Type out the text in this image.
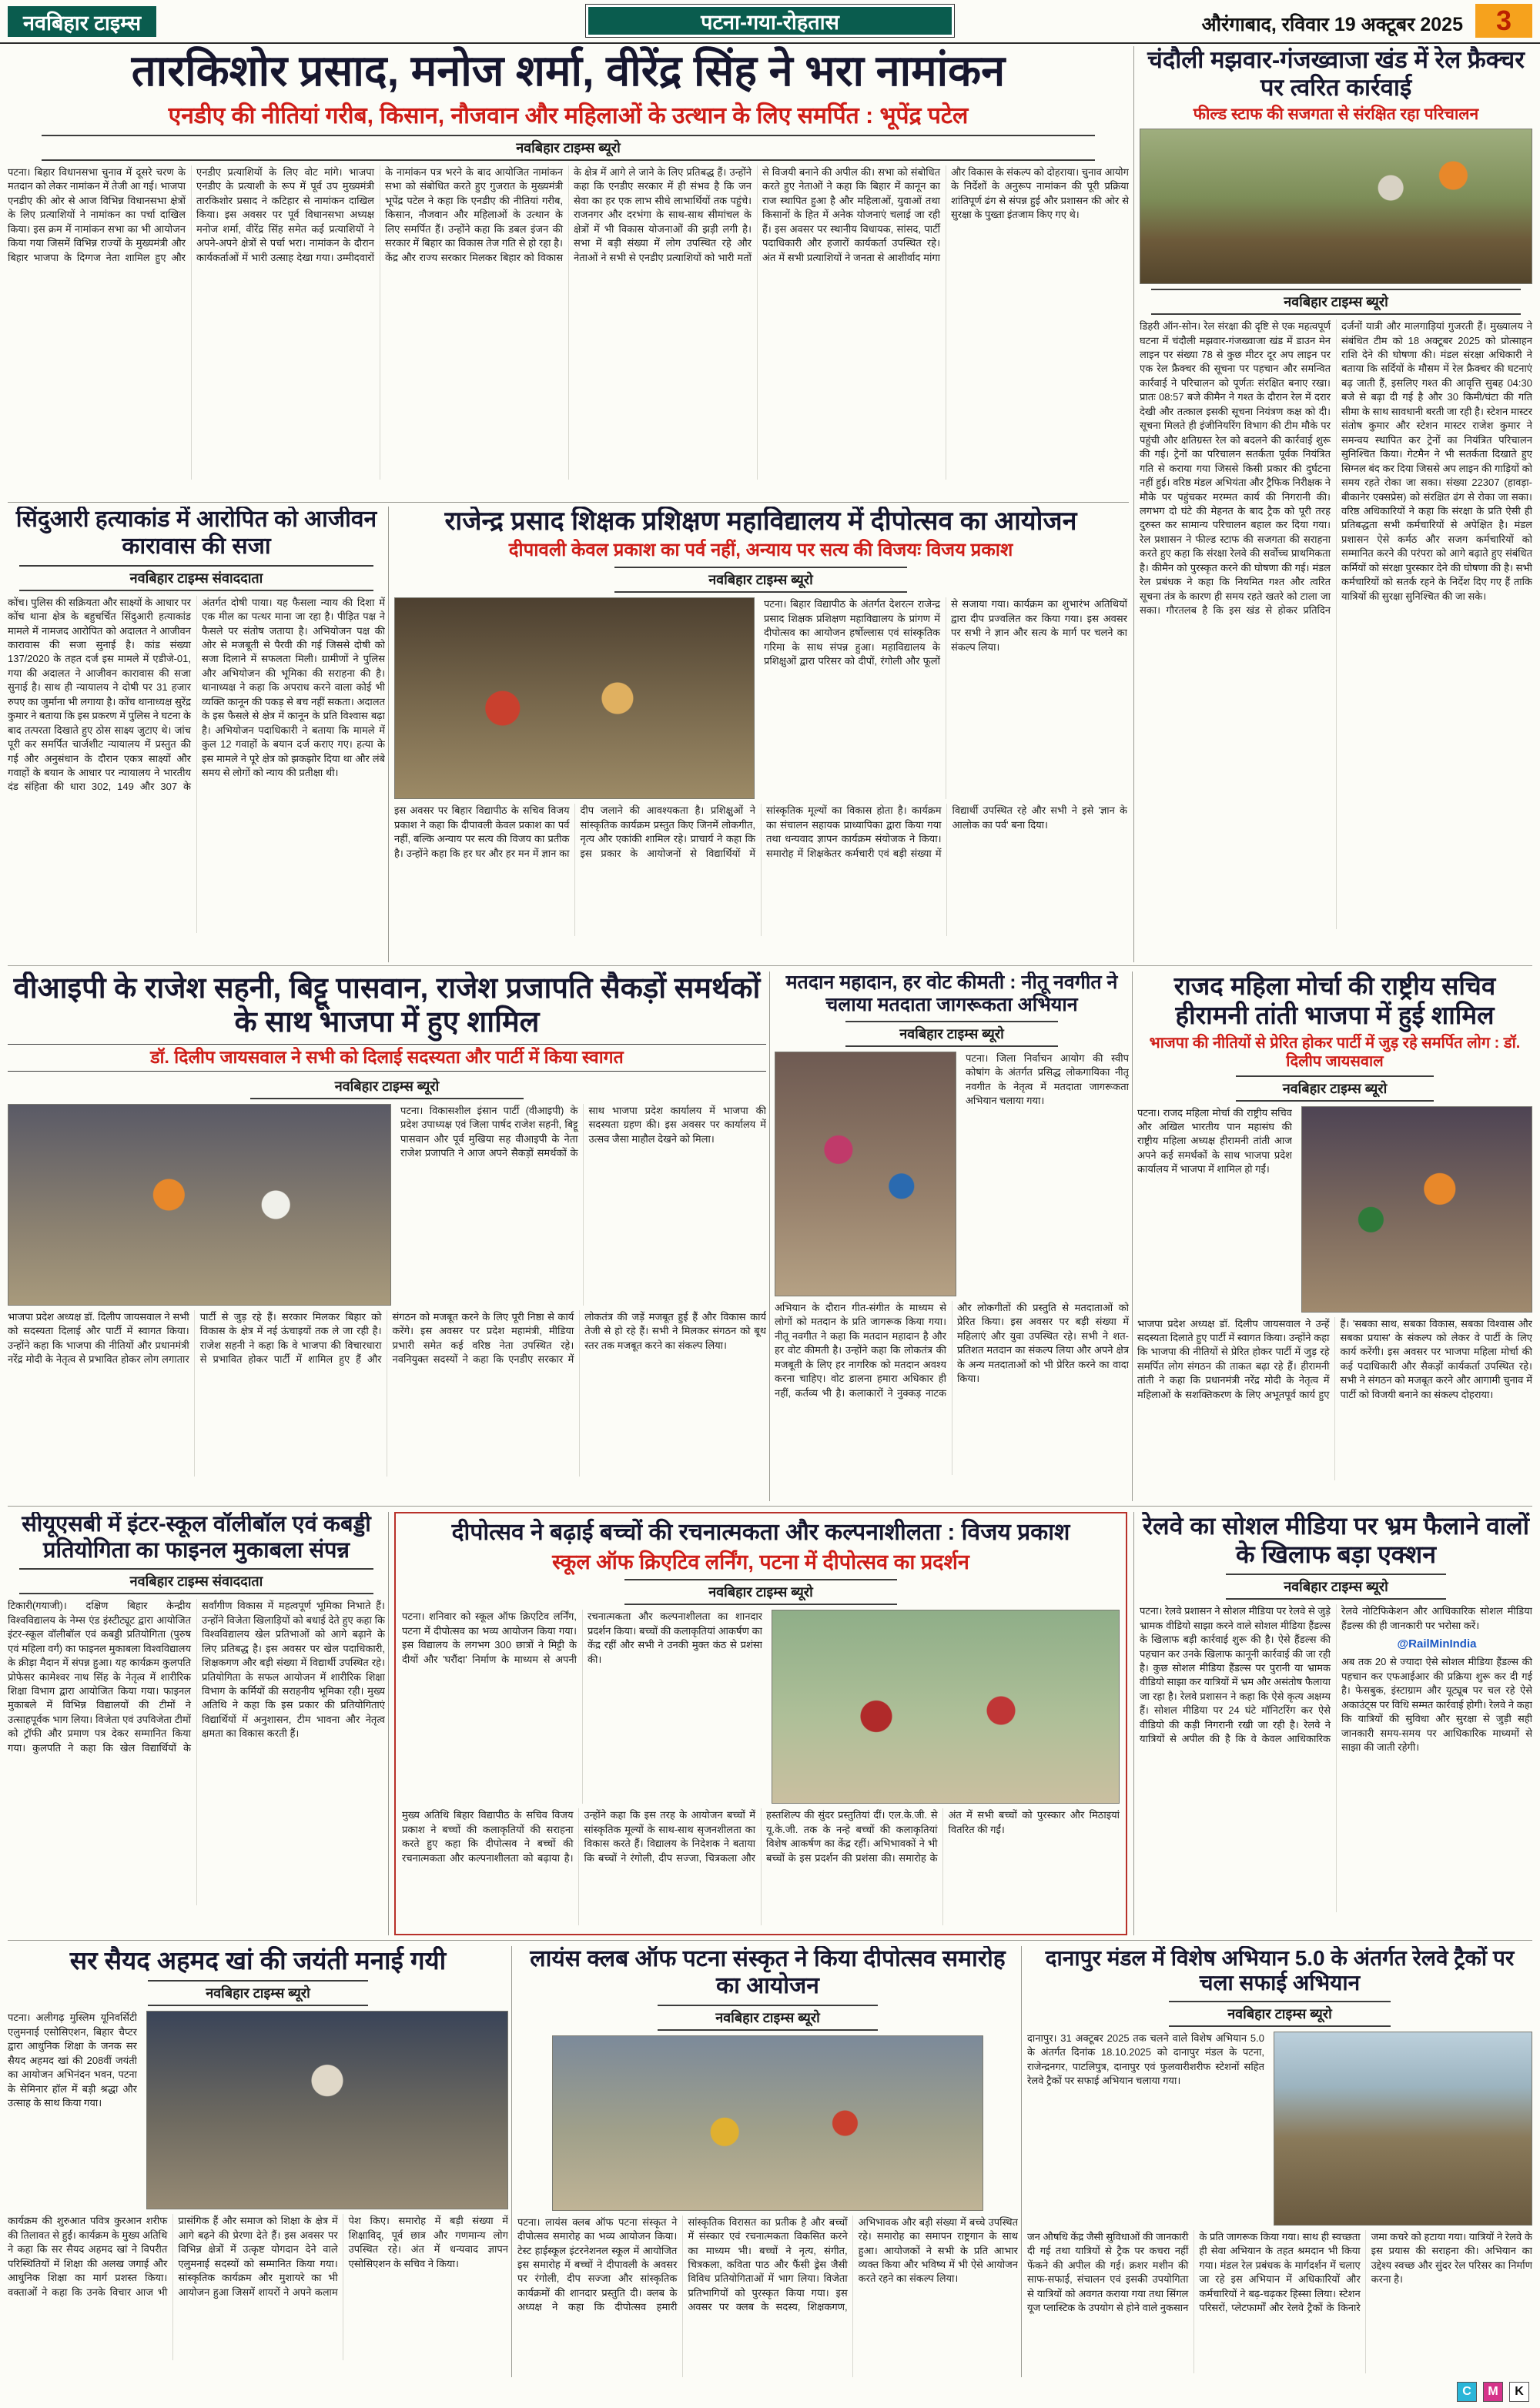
नवबिहार टाइम्स	पटना-गया-रोहतास	औरंगाबाद, रविवार 19 अक्टूबर 2025	3
तारकिशोर प्रसाद, मनोज शर्मा, वीरेंद्र सिंह ने भरा नामांकन
एनडीए की नीतियां गरीब, किसान, नौजवान और महिलाओं के उत्थान के लिए समर्पित : भूपेंद्र पटेल
नवबिहार टाइम्स ब्यूरो
पटना। बिहार विधानसभा चुनाव में दूसरे चरण के मतदान को लेकर नामांकन में तेजी आ गई। भाजपा एनडीए की ओर से आज विभिन्न विधानसभा क्षेत्रों के लिए प्रत्याशियों ने नामांकन का पर्चा दाखिल किया। इस क्रम में नामांकन सभा का भी आयोजन किया गया जिसमें विभिन्न राज्यों के मुख्यमंत्री और बिहार भाजपा के दिग्गज नेता शामिल हुए और एनडीए प्रत्याशियों के लिए वोट मांगे। भाजपा एनडीए के प्रत्याशी के रूप में पूर्व उप मुख्यमंत्री तारकिशोर प्रसाद ने कटिहार से नामांकन दाखिल किया। इस अवसर पर पूर्व विधानसभा अध्यक्ष मनोज शर्मा, वीरेंद्र सिंह समेत कई प्रत्याशियों ने अपने-अपने क्षेत्रों से पर्चा भरा। नामांकन के दौरान कार्यकर्ताओं में भारी उत्साह देखा गया। उम्मीदवारों के नामांकन पत्र भरने के बाद आयोजित नामांकन सभा को संबोधित करते हुए गुजरात के मुख्यमंत्री भूपेंद्र पटेल ने कहा कि एनडीए की नीतियां गरीब, किसान, नौजवान और महिलाओं के उत्थान के लिए समर्पित हैं। उन्होंने कहा कि डबल इंजन की सरकार में बिहार का विकास तेज गति से हो रहा है। केंद्र और राज्य सरकार मिलकर बिहार को विकास के क्षेत्र में आगे ले जाने के लिए प्रतिबद्ध हैं। उन्होंने कहा कि एनडीए सरकार में ही संभव है कि जन सेवा का हर एक लाभ सीधे लाभार्थियों तक पहुंचे। राजनगर और दरभंगा के साथ-साथ सीमांचल के क्षेत्रों में भी विकास योजनाओं की झड़ी लगी है। सभा में बड़ी संख्या में लोग उपस्थित रहे और नेताओं ने सभी से एनडीए प्रत्याशियों को भारी मतों से विजयी बनाने की अपील की। सभा को संबोधित करते हुए नेताओं ने कहा कि बिहार में कानून का राज स्थापित हुआ है और महिलाओं, युवाओं तथा किसानों के हित में अनेक योजनाएं चलाई जा रही हैं। इस अवसर पर स्थानीय विधायक, सांसद, पार्टी पदाधिकारी और हजारों कार्यकर्ता उपस्थित रहे। अंत में सभी प्रत्याशियों ने जनता से आशीर्वाद मांगा और विकास के संकल्प को दोहराया। चुनाव आयोग के निर्देशों के अनुरूप नामांकन की पूरी प्रक्रिया शांतिपूर्ण ढंग से संपन्न हुई और प्रशासन की ओर से सुरक्षा के पुख्ता इंतजाम किए गए थे।
चंदौली मझवार-गंजख्वाजा खंड में रेल फ्रैक्चर पर त्वरित कार्रवाई
फील्ड स्टाफ की सजगता से संरक्षित रहा परिचालन
नवबिहार टाइम्स ब्यूरो
डिहरी ऑन-सोन। रेल संरक्षा की दृष्टि से एक महत्वपूर्ण घटना में चंदौली मझवार-गंजख्वाजा खंड में डाउन मेन लाइन पर संख्या 78 से कुछ मीटर दूर अप लाइन पर एक रेल फ्रैक्चर की सूचना पर पहचान और समन्वित कार्रवाई ने परिचालन को पूर्णतः संरक्षित बनाए रखा। प्रातः 08:57 बजे कीमैन ने गश्त के दौरान रेल में दरार देखी और तत्काल इसकी सूचना नियंत्रण कक्ष को दी। सूचना मिलते ही इंजीनियरिंग विभाग की टीम मौके पर पहुंची और क्षतिग्रस्त रेल को बदलने की कार्रवाई शुरू की गई। ट्रेनों का परिचालन सतर्कता पूर्वक नियंत्रित गति से कराया गया जिससे किसी प्रकार की दुर्घटना नहीं हुई। वरिष्ठ मंडल अभियंता और ट्रैफिक निरीक्षक ने मौके पर पहुंचकर मरम्मत कार्य की निगरानी की। लगभग दो घंटे की मेहनत के बाद ट्रैक को पूरी तरह दुरुस्त कर सामान्य परिचालन बहाल कर दिया गया। रेल प्रशासन ने फील्ड स्टाफ की सजगता की सराहना करते हुए कहा कि संरक्षा रेलवे की सर्वोच्च प्राथमिकता है। कीमैन को पुरस्कृत करने की घोषणा की गई। मंडल रेल प्रबंधक ने कहा कि नियमित गश्त और त्वरित सूचना तंत्र के कारण ही समय रहते खतरे को टाला जा सका। गौरतलब है कि इस खंड से होकर प्रतिदिन दर्जनों यात्री और मालगाड़ियां गुजरती हैं। मुख्यालय ने संबंधित टीम को 18 अक्टूबर 2025 को प्रोत्साहन राशि देने की घोषणा की। मंडल संरक्षा अधिकारी ने बताया कि सर्दियों के मौसम में रेल फ्रैक्चर की घटनाएं बढ़ जाती हैं, इसलिए गश्त की आवृत्ति सुबह 04:30 बजे से बढ़ा दी गई है और 30 किमी/घंटा की गति सीमा के साथ सावधानी बरती जा रही है। स्टेशन मास्टर संतोष कुमार और स्टेशन मास्टर राजेश कुमार ने समन्वय स्थापित कर ट्रेनों का नियंत्रित परिचालन सुनिश्चित किया। गेटमैन ने भी सतर्कता दिखाते हुए सिग्नल बंद कर दिया जिससे अप लाइन की गाड़ियों को समय रहते रोका जा सका। संख्या 22307 (हावड़ा-बीकानेर एक्सप्रेस) को संरक्षित ढंग से रोका जा सका। वरिष्ठ अधिकारियों ने कहा कि संरक्षा के प्रति ऐसी ही प्रतिबद्धता सभी कर्मचारियों से अपेक्षित है। मंडल प्रशासन ऐसे कर्मठ और सजग कर्मचारियों को सम्मानित करने की परंपरा को आगे बढ़ाते हुए संबंधित कर्मियों को संरक्षा पुरस्कार देने की घोषणा की है। सभी कर्मचारियों को सतर्क रहने के निर्देश दिए गए हैं ताकि यात्रियों की सुरक्षा सुनिश्चित की जा सके।
सिंदुआरी हत्याकांड में आरोपित को आजीवन कारावास की सजा
नवबिहार टाइम्स संवाददाता
कोंच। पुलिस की सक्रियता और साक्ष्यों के आधार पर कोंच थाना क्षेत्र के बहुचर्चित सिंदुआरी हत्याकांड मामले में नामजद आरोपित को अदालत ने आजीवन कारावास की सजा सुनाई है। कांड संख्या 137/2020 के तहत दर्ज इस मामले में एडीजे-01, गया की अदालत ने आजीवन कारावास की सजा सुनाई है। साथ ही न्यायालय ने दोषी पर 31 हजार रुपए का जुर्माना भी लगाया है। कोंच थानाध्यक्ष सुरेंद्र कुमार ने बताया कि इस प्रकरण में पुलिस ने घटना के बाद तत्परता दिखाते हुए ठोस साक्ष्य जुटाए थे। जांच पूरी कर समर्पित चार्जशीट न्यायालय में प्रस्तुत की गई और अनुसंधान के दौरान एकत्र साक्ष्यों और गवाहों के बयान के आधार पर न्यायालय ने भारतीय दंड संहिता की धारा 302, 149 और 307 के अंतर्गत दोषी पाया। यह फैसला न्याय की दिशा में एक मील का पत्थर माना जा रहा है। पीड़ित पक्ष ने फैसले पर संतोष जताया है। अभियोजन पक्ष की ओर से मजबूती से पैरवी की गई जिससे दोषी को सजा दिलाने में सफलता मिली। ग्रामीणों ने पुलिस और अभियोजन की भूमिका की सराहना की है। थानाध्यक्ष ने कहा कि अपराध करने वाला कोई भी व्यक्ति कानून की पकड़ से बच नहीं सकता। अदालत के इस फैसले से क्षेत्र में कानून के प्रति विश्वास बढ़ा है। अभियोजन पदाधिकारी ने बताया कि मामले में कुल 12 गवाहों के बयान दर्ज कराए गए। हत्या के इस मामले ने पूरे क्षेत्र को झकझोर दिया था और लंबे समय से लोगों को न्याय की प्रतीक्षा थी।
राजेन्द्र प्रसाद शिक्षक प्रशिक्षण महाविद्यालय में दीपोत्सव का आयोजन
दीपावली केवल प्रकाश का पर्व नहीं, अन्याय पर सत्य की विजयः विजय प्रकाश
नवबिहार टाइम्स ब्यूरो
पटना। बिहार विद्यापीठ के अंतर्गत देशरत्न राजेन्द्र प्रसाद शिक्षक प्रशिक्षण महाविद्यालय के प्रांगण में दीपोत्सव का आयोजन हर्षोल्लास एवं सांस्कृतिक गरिमा के साथ संपन्न हुआ। महाविद्यालय के प्रशिक्षुओं द्वारा परिसर को दीपों, रंगोली और फूलों से सजाया गया। कार्यक्रम का शुभारंभ अतिथियों द्वारा दीप प्रज्वलित कर किया गया। इस अवसर पर सभी ने ज्ञान और सत्य के मार्ग पर चलने का संकल्प लिया।
इस अवसर पर बिहार विद्यापीठ के सचिव विजय प्रकाश ने कहा कि दीपावली केवल प्रकाश का पर्व नहीं, बल्कि अन्याय पर सत्य की विजय का प्रतीक है। उन्होंने कहा कि हर घर और हर मन में ज्ञान का दीप जलाने की आवश्यकता है। प्रशिक्षुओं ने सांस्कृतिक कार्यक्रम प्रस्तुत किए जिनमें लोकगीत, नृत्य और एकांकी शामिल रहे। प्राचार्य ने कहा कि इस प्रकार के आयोजनों से विद्यार्थियों में सांस्कृतिक मूल्यों का विकास होता है। कार्यक्रम का संचालन सहायक प्राध्यापिका द्वारा किया गया तथा धन्यवाद ज्ञापन कार्यक्रम संयोजक ने किया। समारोह में शिक्षकेतर कर्मचारी एवं बड़ी संख्या में विद्यार्थी उपस्थित रहे और सभी ने इसे 'ज्ञान के आलोक का पर्व' बना दिया।
वीआइपी के राजेश सहनी, बिट्टू पासवान, राजेश प्रजापति सैकड़ों समर्थकों के साथ भाजपा में हुए शामिल
डॉ. दिलीप जायसवाल ने सभी को दिलाई सदस्यता और पार्टी में किया स्वागत
नवबिहार टाइम्स ब्यूरो
पटना। विकासशील इंसान पार्टी (वीआइपी) के प्रदेश उपाध्यक्ष एवं जिला पार्षद राजेश सहनी, बिट्टू पासवान और पूर्व मुखिया सह वीआइपी के नेता राजेश प्रजापति ने आज अपने सैकड़ों समर्थकों के साथ भाजपा प्रदेश कार्यालय में भाजपा की सदस्यता ग्रहण की। इस अवसर पर कार्यालय में उत्सव जैसा माहौल देखने को मिला।
भाजपा प्रदेश अध्यक्ष डॉ. दिलीप जायसवाल ने सभी को सदस्यता दिलाई और पार्टी में स्वागत किया। उन्होंने कहा कि भाजपा की नीतियों और प्रधानमंत्री नरेंद्र मोदी के नेतृत्व से प्रभावित होकर लोग लगातार पार्टी से जुड़ रहे हैं। सरकार मिलकर बिहार को विकास के क्षेत्र में नई ऊंचाइयों तक ले जा रही है। राजेश सहनी ने कहा कि वे भाजपा की विचारधारा से प्रभावित होकर पार्टी में शामिल हुए हैं और संगठन को मजबूत करने के लिए पूरी निष्ठा से कार्य करेंगे। इस अवसर पर प्रदेश महामंत्री, मीडिया प्रभारी समेत कई वरिष्ठ नेता उपस्थित रहे। नवनियुक्त सदस्यों ने कहा कि एनडीए सरकार में लोकतंत्र की जड़ें मजबूत हुई हैं और विकास कार्य तेजी से हो रहे हैं। सभी ने मिलकर संगठन को बूथ स्तर तक मजबूत करने का संकल्प लिया।
मतदान महादान, हर वोट कीमती : नीतू नवगीत ने चलाया मतदाता जागरूकता अभियान
नवबिहार टाइम्स ब्यूरो
पटना। जिला निर्वाचन आयोग की स्वीप कोषांग के अंतर्गत प्रसिद्ध लोकगायिका नीतू नवगीत के नेतृत्व में मतदाता जागरूकता अभियान चलाया गया।
अभियान के दौरान गीत-संगीत के माध्यम से लोगों को मतदान के प्रति जागरूक किया गया। नीतू नवगीत ने कहा कि मतदान महादान है और हर वोट कीमती है। उन्होंने कहा कि लोकतंत्र की मजबूती के लिए हर नागरिक को मतदान अवश्य करना चाहिए। वोट डालना हमारा अधिकार ही नहीं, कर्तव्य भी है। कलाकारों ने नुक्कड़ नाटक और लोकगीतों की प्रस्तुति से मतदाताओं को प्रेरित किया। इस अवसर पर बड़ी संख्या में महिलाएं और युवा उपस्थित रहे। सभी ने शत-प्रतिशत मतदान का संकल्प लिया और अपने क्षेत्र के अन्य मतदाताओं को भी प्रेरित करने का वादा किया।
राजद महिला मोर्चा की राष्ट्रीय सचिव हीरामनी तांती भाजपा में हुई शामिल
भाजपा की नीतियों से प्रेरित होकर पार्टी में जुड़ रहे समर्पित लोग : डॉ. दिलीप जायसवाल
नवबिहार टाइम्स ब्यूरो
पटना। राजद महिला मोर्चा की राष्ट्रीय सचिव और अखिल भारतीय पान महासंघ की राष्ट्रीय महिला अध्यक्ष हीरामनी तांती आज अपने कई समर्थकों के साथ भाजपा प्रदेश कार्यालय में भाजपा में शामिल हो गईं।
भाजपा प्रदेश अध्यक्ष डॉ. दिलीप जायसवाल ने उन्हें सदस्यता दिलाते हुए पार्टी में स्वागत किया। उन्होंने कहा कि भाजपा की नीतियों से प्रेरित होकर पार्टी में जुड़ रहे समर्पित लोग संगठन की ताकत बढ़ा रहे हैं। हीरामनी तांती ने कहा कि प्रधानमंत्री नरेंद्र मोदी के नेतृत्व में महिलाओं के सशक्तिकरण के लिए अभूतपूर्व कार्य हुए हैं। 'सबका साथ, सबका विकास, सबका विश्वास और सबका प्रयास' के संकल्प को लेकर वे पार्टी के लिए कार्य करेंगी। इस अवसर पर भाजपा महिला मोर्चा की कई पदाधिकारी और सैकड़ों कार्यकर्ता उपस्थित रहे। सभी ने संगठन को मजबूत करने और आगामी चुनाव में पार्टी को विजयी बनाने का संकल्प दोहराया।
सीयूएसबी में इंटर-स्कूल वॉलीबॉल एवं कबड्डी प्रतियोगिता का फाइनल मुकाबला संपन्न
नवबिहार टाइम्स संवाददाता
टिकारी(गयाजी)। दक्षिण बिहार केन्द्रीय विश्वविद्यालय के नेम्स एंड इंस्टीट्यूट द्वारा आयोजित इंटर-स्कूल वॉलीबॉल एवं कबड्डी प्रतियोगिता (पुरुष एवं महिला वर्ग) का फाइनल मुकाबला विश्वविद्यालय के क्रीड़ा मैदान में संपन्न हुआ। यह कार्यक्रम कुलपति प्रोफेसर कामेश्वर नाथ सिंह के नेतृत्व में शारीरिक शिक्षा विभाग द्वारा आयोजित किया गया। फाइनल मुकाबले में विभिन्न विद्यालयों की टीमों ने उत्साहपूर्वक भाग लिया। विजेता एवं उपविजेता टीमों को ट्रॉफी और प्रमाण पत्र देकर सम्मानित किया गया। कुलपति ने कहा कि खेल विद्यार्थियों के सर्वांगीण विकास में महत्वपूर्ण भूमिका निभाते हैं। उन्होंने विजेता खिलाड़ियों को बधाई देते हुए कहा कि विश्वविद्यालय खेल प्रतिभाओं को आगे बढ़ाने के लिए प्रतिबद्ध है। इस अवसर पर खेल पदाधिकारी, शिक्षकगण और बड़ी संख्या में विद्यार्थी उपस्थित रहे। प्रतियोगिता के सफल आयोजन में शारीरिक शिक्षा विभाग के कर्मियों की सराहनीय भूमिका रही। मुख्य अतिथि ने कहा कि इस प्रकार की प्रतियोगिताएं विद्यार्थियों में अनुशासन, टीम भावना और नेतृत्व क्षमता का विकास करती हैं।
दीपोत्सव ने बढ़ाई बच्चों की रचनात्मकता और कल्पनाशीलता : विजय प्रकाश
स्कूल ऑफ क्रिएटिव लर्निंग, पटना में दीपोत्सव का प्रदर्शन
नवबिहार टाइम्स ब्यूरो
पटना। शनिवार को स्कूल ऑफ क्रिएटिव लर्निंग, पटना में दीपोत्सव का भव्य आयोजन किया गया। इस विद्यालय के लगभग 300 छात्रों ने मिट्टी के दीयों और 'घरौंदा' निर्माण के माध्यम से अपनी रचनात्मकता और कल्पनाशीलता का शानदार प्रदर्शन किया। बच्चों की कलाकृतियां आकर्षण का केंद्र रहीं और सभी ने उनकी मुक्त कंठ से प्रशंसा की।
मुख्य अतिथि बिहार विद्यापीठ के सचिव विजय प्रकाश ने बच्चों की कलाकृतियों की सराहना करते हुए कहा कि दीपोत्सव ने बच्चों की रचनात्मकता और कल्पनाशीलता को बढ़ाया है। उन्होंने कहा कि इस तरह के आयोजन बच्चों में सांस्कृतिक मूल्यों के साथ-साथ सृजनशीलता का विकास करते हैं। विद्यालय के निदेशक ने बताया कि बच्चों ने रंगोली, दीप सज्जा, चित्रकला और हस्तशिल्प की सुंदर प्रस्तुतियां दीं। एल.के.जी. से यू.के.जी. तक के नन्हे बच्चों की कलाकृतियां विशेष आकर्षण का केंद्र रहीं। अभिभावकों ने भी बच्चों के इस प्रदर्शन की प्रशंसा की। समारोह के अंत में सभी बच्चों को पुरस्कार और मिठाइयां वितरित की गईं।
रेलवे का सोशल मीडिया पर भ्रम फैलाने वालों के खिलाफ बड़ा एक्शन
नवबिहार टाइम्स ब्यूरो
पटना। रेलवे प्रशासन ने सोशल मीडिया पर रेलवे से जुड़े भ्रामक वीडियो साझा करने वाले सोशल मीडिया हैंडल्स के खिलाफ बड़ी कार्रवाई शुरू की है। ऐसे हैंडल्स की पहचान कर उनके खिलाफ कानूनी कार्रवाई की जा रही है। कुछ सोशल मीडिया हैंडल्स पर पुरानी या भ्रामक वीडियो साझा कर यात्रियों में भ्रम और असंतोष फैलाया जा रहा है। रेलवे प्रशासन ने कहा कि ऐसे कृत्य अक्षम्य हैं। सोशल मीडिया पर 24 घंटे मॉनिटरिंग कर ऐसे वीडियो की कड़ी निगरानी रखी जा रही है। रेलवे ने यात्रियों से अपील की है कि वे केवल आधिकारिक रेलवे नोटिफिकेशन और आधिकारिक सोशल मीडिया हैंडल्स की ही जानकारी पर भरोसा करें।
@RailMinIndia
अब तक 20 से ज्यादा ऐसे सोशल मीडिया हैंडल्स की पहचान कर एफआईआर की प्रक्रिया शुरू कर दी गई है। फेसबुक, इंस्टाग्राम और यूट्यूब पर चल रहे ऐसे अकाउंट्स पर विधि सम्मत कार्रवाई होगी। रेलवे ने कहा कि यात्रियों की सुविधा और सुरक्षा से जुड़ी सही जानकारी समय-समय पर आधिकारिक माध्यमों से साझा की जाती रहेगी।
सर सैयद अहमद खां की जयंती मनाई गयी
नवबिहार टाइम्स ब्यूरो
पटना। अलीगढ़ मुस्लिम यूनिवर्सिटी एलुमनाई एसोसिएशन, बिहार चैप्टर द्वारा आधुनिक शिक्षा के जनक सर सैयद अहमद खां की 208वीं जयंती का आयोजन अभिनंदन भवन, पटना के सेमिनार हॉल में बड़ी श्रद्धा और उत्साह के साथ किया गया।
कार्यक्रम की शुरुआत पवित्र कुरआन शरीफ की तिलावत से हुई। कार्यक्रम के मुख्य अतिथि ने कहा कि सर सैयद अहमद खां ने विपरीत परिस्थितियों में शिक्षा की अलख जगाई और आधुनिक शिक्षा का मार्ग प्रशस्त किया। वक्ताओं ने कहा कि उनके विचार आज भी प्रासंगिक हैं और समाज को शिक्षा के क्षेत्र में आगे बढ़ने की प्रेरणा देते हैं। इस अवसर पर विभिन्न क्षेत्रों में उत्कृष्ट योगदान देने वाले एलुमनाई सदस्यों को सम्मानित किया गया। सांस्कृतिक कार्यक्रम और मुशायरे का भी आयोजन हुआ जिसमें शायरों ने अपने कलाम पेश किए। समारोह में बड़ी संख्या में शिक्षाविद्, पूर्व छात्र और गणमान्य लोग उपस्थित रहे। अंत में धन्यवाद ज्ञापन एसोसिएशन के सचिव ने किया।
लायंस क्लब ऑफ पटना संस्कृत ने किया दीपोत्सव समारोह का आयोजन
नवबिहार टाइम्स ब्यूरो
पटना। लायंस क्लब ऑफ पटना संस्कृत ने दीपोत्सव समारोह का भव्य आयोजन किया। टेस्ट हाईस्कूल इंटरनेशनल स्कूल में आयोजित इस समारोह में बच्चों ने दीपावली के अवसर पर रंगोली, दीप सज्जा और सांस्कृतिक कार्यक्रमों की शानदार प्रस्तुति दी। क्लब के अध्यक्ष ने कहा कि दीपोत्सव हमारी सांस्कृतिक विरासत का प्रतीक है और बच्चों में संस्कार एवं रचनात्मकता विकसित करने का माध्यम भी। बच्चों ने नृत्य, संगीत, चित्रकला, कविता पाठ और फैंसी ड्रेस जैसी विविध प्रतियोगिताओं में भाग लिया। विजेता प्रतिभागियों को पुरस्कृत किया गया। इस अवसर पर क्लब के सदस्य, शिक्षकगण, अभिभावक और बड़ी संख्या में बच्चे उपस्थित रहे। समारोह का समापन राष्ट्रगान के साथ हुआ। आयोजकों ने सभी के प्रति आभार व्यक्त किया और भविष्य में भी ऐसे आयोजन करते रहने का संकल्प लिया।
दानापुर मंडल में विशेष अभियान 5.0 के अंतर्गत रेलवे ट्रैकों पर चला सफाई अभियान
नवबिहार टाइम्स ब्यूरो
दानापुर। 31 अक्टूबर 2025 तक चलने वाले विशेष अभियान 5.0 के अंतर्गत दिनांक 18.10.2025 को दानापुर मंडल के पटना, राजेन्द्रनगर, पाटलिपुत्र, दानापुर एवं फुलवारीशरीफ स्टेशनों सहित रेलवे ट्रैकों पर सफाई अभियान चलाया गया।
जन औषधि केंद्र जैसी सुविधाओं की जानकारी दी गई तथा यात्रियों से ट्रैक पर कचरा नहीं फेंकने की अपील की गई। क्रशर मशीन की साफ-सफाई, संचालन एवं इसकी उपयोगिता से यात्रियों को अवगत कराया गया तथा सिंगल यूज प्लास्टिक के उपयोग से होने वाले नुकसान के प्रति जागरूक किया गया। साथ ही स्वच्छता ही सेवा अभियान के तहत श्रमदान भी किया गया। मंडल रेल प्रबंधक के मार्गदर्शन में चलाए जा रहे इस अभियान में अधिकारियों और कर्मचारियों ने बढ़-चढ़कर हिस्सा लिया। स्टेशन परिसरों, प्लेटफार्मों और रेलवे ट्रैकों के किनारे जमा कचरे को हटाया गया। यात्रियों ने रेलवे के इस प्रयास की सराहना की। अभियान का उद्देश्य स्वच्छ और सुंदर रेल परिसर का निर्माण करना है।
C	M	K
